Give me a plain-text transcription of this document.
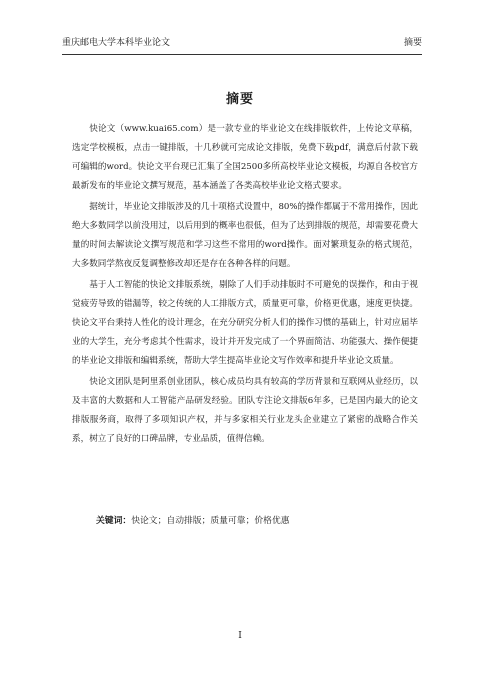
重庆邮电大学本科毕业论文	摘要
摘要

快论文（www.kuai65.com）是一款专业的毕业论文在线排版软件，上传论文草稿，选定学校模板，点击一键排版，十几秒就可完成论文排版，免费下载pdf，满意后付款下载可编辑的word。快论文平台现已汇集了全国2500多所高校毕业论文模板，均源自各校官方最新发布的毕业论文撰写规范，基本涵盖了各类高校毕业论文格式要求。

据统计，毕业论文排版涉及的几十项格式设置中，80%的操作都属于不常用操作，因此绝大多数同学以前没用过，以后用到的概率也很低，但为了达到排版的规范，却需要花费大量的时间去解读论文撰写规范和学习这些不常用的word操作。面对繁琐复杂的格式规范，大多数同学熬夜反复调整修改却还是存在各种各样的问题。

基于人工智能的快论文排版系统，剔除了人们手动排版时不可避免的误操作，和由于视觉疲劳导致的错漏等，较之传统的人工排版方式，质量更可靠，价格更优惠，速度更快捷。快论文平台秉持人性化的设计理念，在充分研究分析人们的操作习惯的基础上，针对应届毕业的大学生，充分考虑其个性需求，设计并开发完成了一个界面简洁、功能强大、操作便捷的毕业论文排版和编辑系统，帮助大学生提高毕业论文写作效率和提升毕业论文质量。

快论文团队是阿里系创业团队，核心成员均具有较高的学历背景和互联网从业经历，以及丰富的大数据和人工智能产品研发经验。团队专注论文排版6年多，已是国内最大的论文排版服务商，取得了多项知识产权，并与多家相关行业龙头企业建立了紧密的战略合作关系，树立了良好的口碑品牌，专业品质，值得信赖。

关键词：快论文；自动排版；质量可靠；价格优惠
I
